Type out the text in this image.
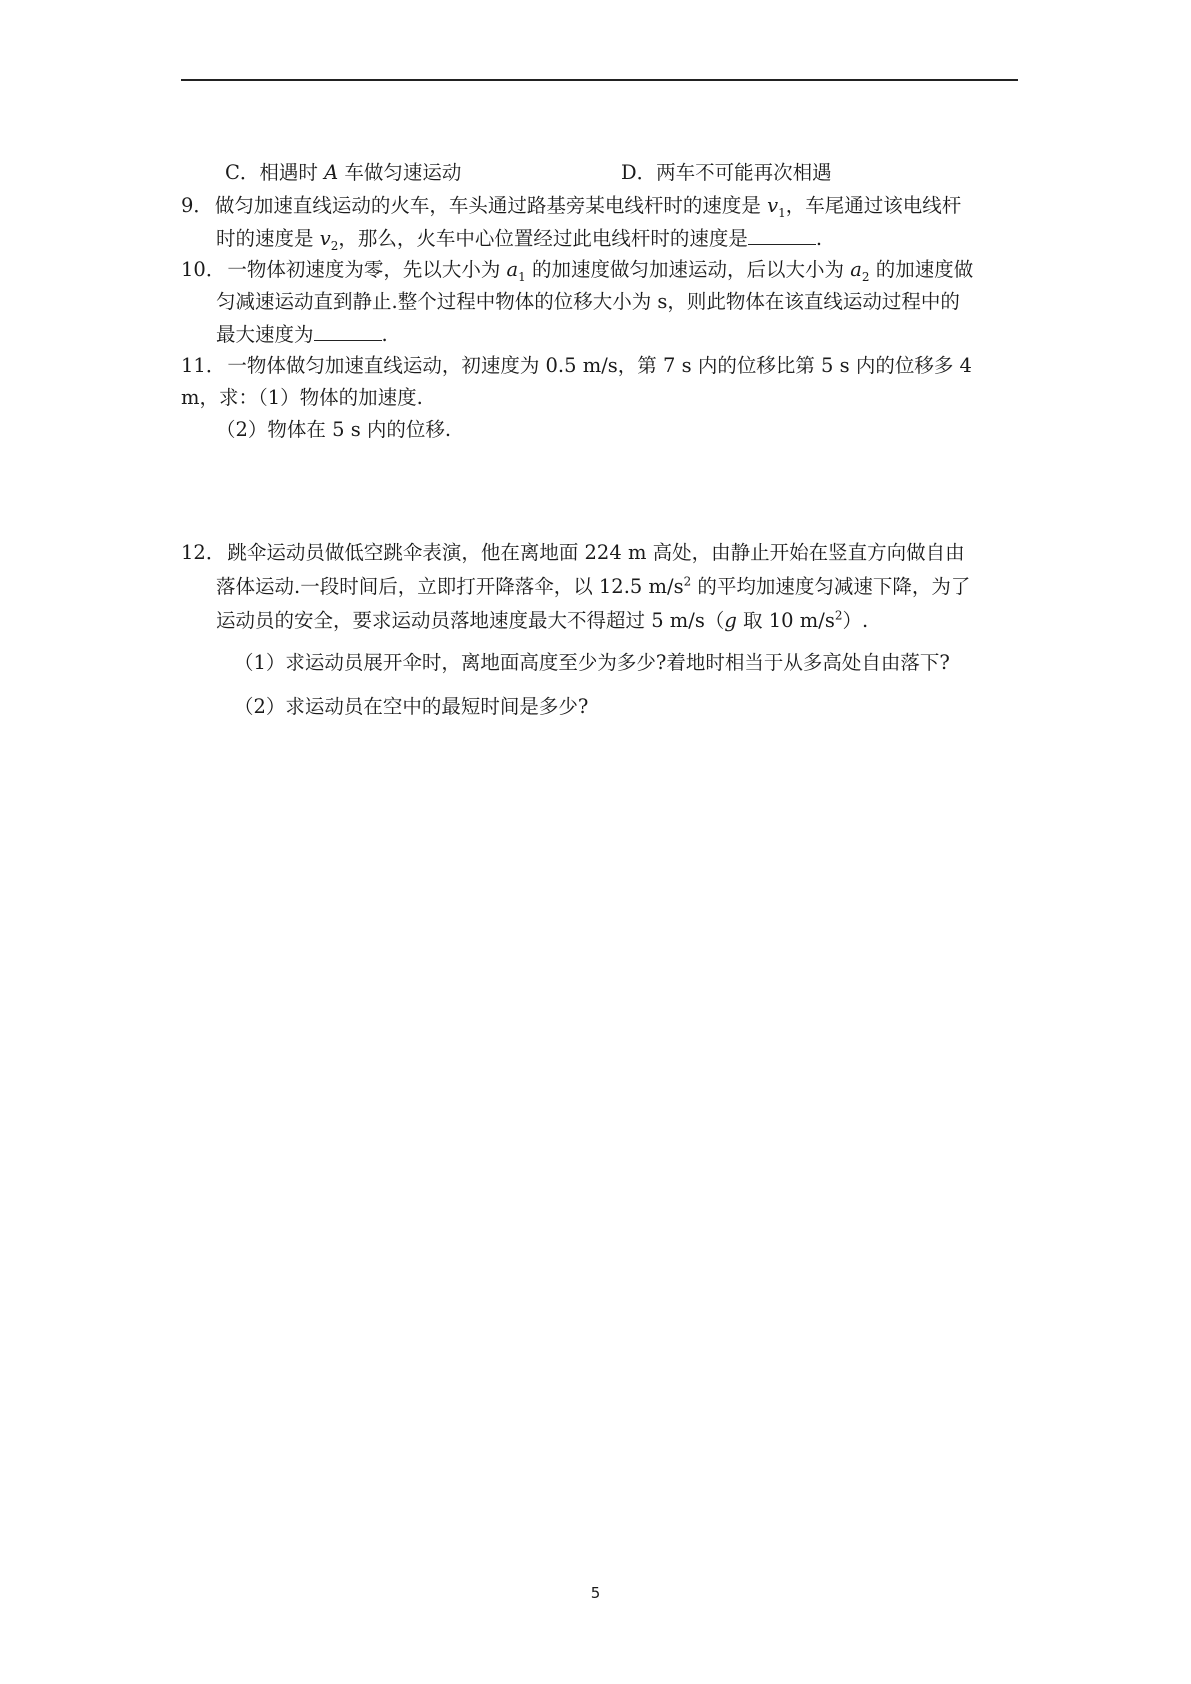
C．相遇时 A 车做匀速运动	D．两车不可能再次相遇
9． 做匀加速直线运动的火车，车头通过路基旁某电线杆时的速度是 $v_1$，车尾通过该电线杆
时的速度是 $v_2$，那么，火车中心位置经过此电线杆时的速度是	.
10． 一物体初速度为零，先以大小为 $a_1$ 的加速度做匀加速运动，后以大小为 $a_2$ 的加速度做
匀减速运动直到静止.整个过程中物体的位移大小为 s，则此物体在该直线运动过程中的
最大速度为	.
11． 一物体做匀加速直线运动，初速度为 0.5 m/s，第 7 s 内的位移比第 5 s 内的位移多 4
m，求：（1）物体的加速度.
（2）物体在 5 s 内的位移.
12． 跳伞运动员做低空跳伞表演，他在离地面 224 m 高处，由静止开始在竖直方向做自由
落体运动.一段时间后，立即打开降落伞，以 12.5 $m/s^2$ 的平均加速度匀减速下降，为了
运动员的安全，要求运动员落地速度最大不得超过 5 m/s（g 取 10 $m/s^2$）.
（1）求运动员展开伞时，离地面高度至少为多少?着地时相当于从多高处自由落下?
（2）求运动员在空中的最短时间是多少?
5
